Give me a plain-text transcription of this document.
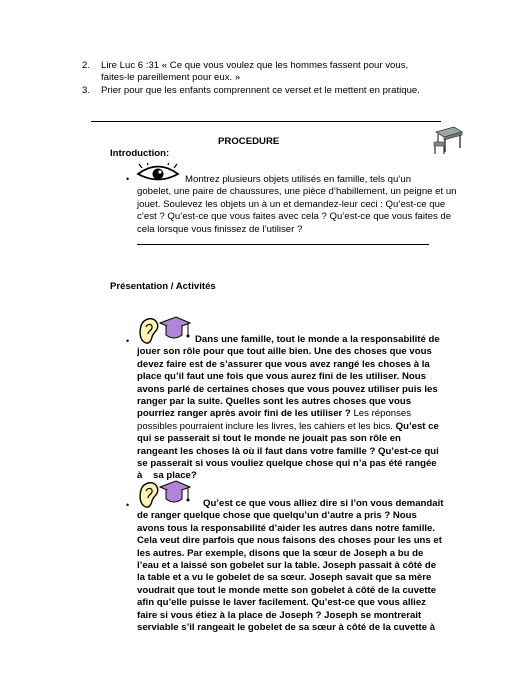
2. Lire Luc 6 :31 « Ce que vous voulez que les hommes fassent pour vous,
faites-le pareillement pour eux. »
3. Prier pour que les enfants comprennent ce verset et le mettent en pratique.
PROCEDURE
Introduction:
•	Montrez plusieurs objets utilisés en famille, tels qu’un
gobelet, une paire de chaussures, une pièce d’habillement, un peigne et un
jouet. Soulevez les objets un à un et demandez-leur ceci : Qu’est-ce que
c’est ? Qu’est-ce que vous faites avec cela ? Qu’est-ce que vous faites de
cela lorsque vous finissez de l’utiliser ?
Présentation / Activités
•	Dans une famille, tout le monde a la responsabilité de
jouer son rôle pour que tout aille bien. Une des choses que vous
devez faire est de s’assurer que vous avez rangé les choses à la
place qu’il faut une fois que vous aurez fini de les utiliser. Nous
avons parlé de certaines choses que vous pouvez utiliser puis les
ranger par la suite. Quelles sont les autres choses que vous
pourriez ranger après avoir fini de les utiliser ? Les réponses
possibles pourraient inclure les livres, les cahiers et les bics. Qu’est ce
qui se passerait si tout le monde ne jouait pas son rôle en
rangeant les choses là où il faut dans votre famille ? Qu’est-ce qui
se passerait si vous vouliez quelque chose qui n’a pas été rangée
à    sa place?
•	Qu’est ce que vous alliez dire si l’on vous demandait
de ranger quelque chose que quelqu’un d’autre a pris ? Nous
avons tous la responsabilité d’aider les autres dans notre famille.
Cela veut dire parfois que nous faisons des choses pour les uns et
les autres. Par exemple, disons que la sœur de Joseph a bu de
l’eau et a laissé son gobelet sur la table. Joseph passait à côté de
la table et a vu le gobelet de sa sœur. Joseph savait que sa mère
voudrait que tout le monde mette son gobelet à côté de la cuvette
afin qu’elle puisse le laver facilement. Qu’est-ce que vous alliez
faire si vous étiez à la place de Joseph ? Joseph se montrerait
serviable s’il rangeait le gobelet de sa sœur à côté de la cuvette à
